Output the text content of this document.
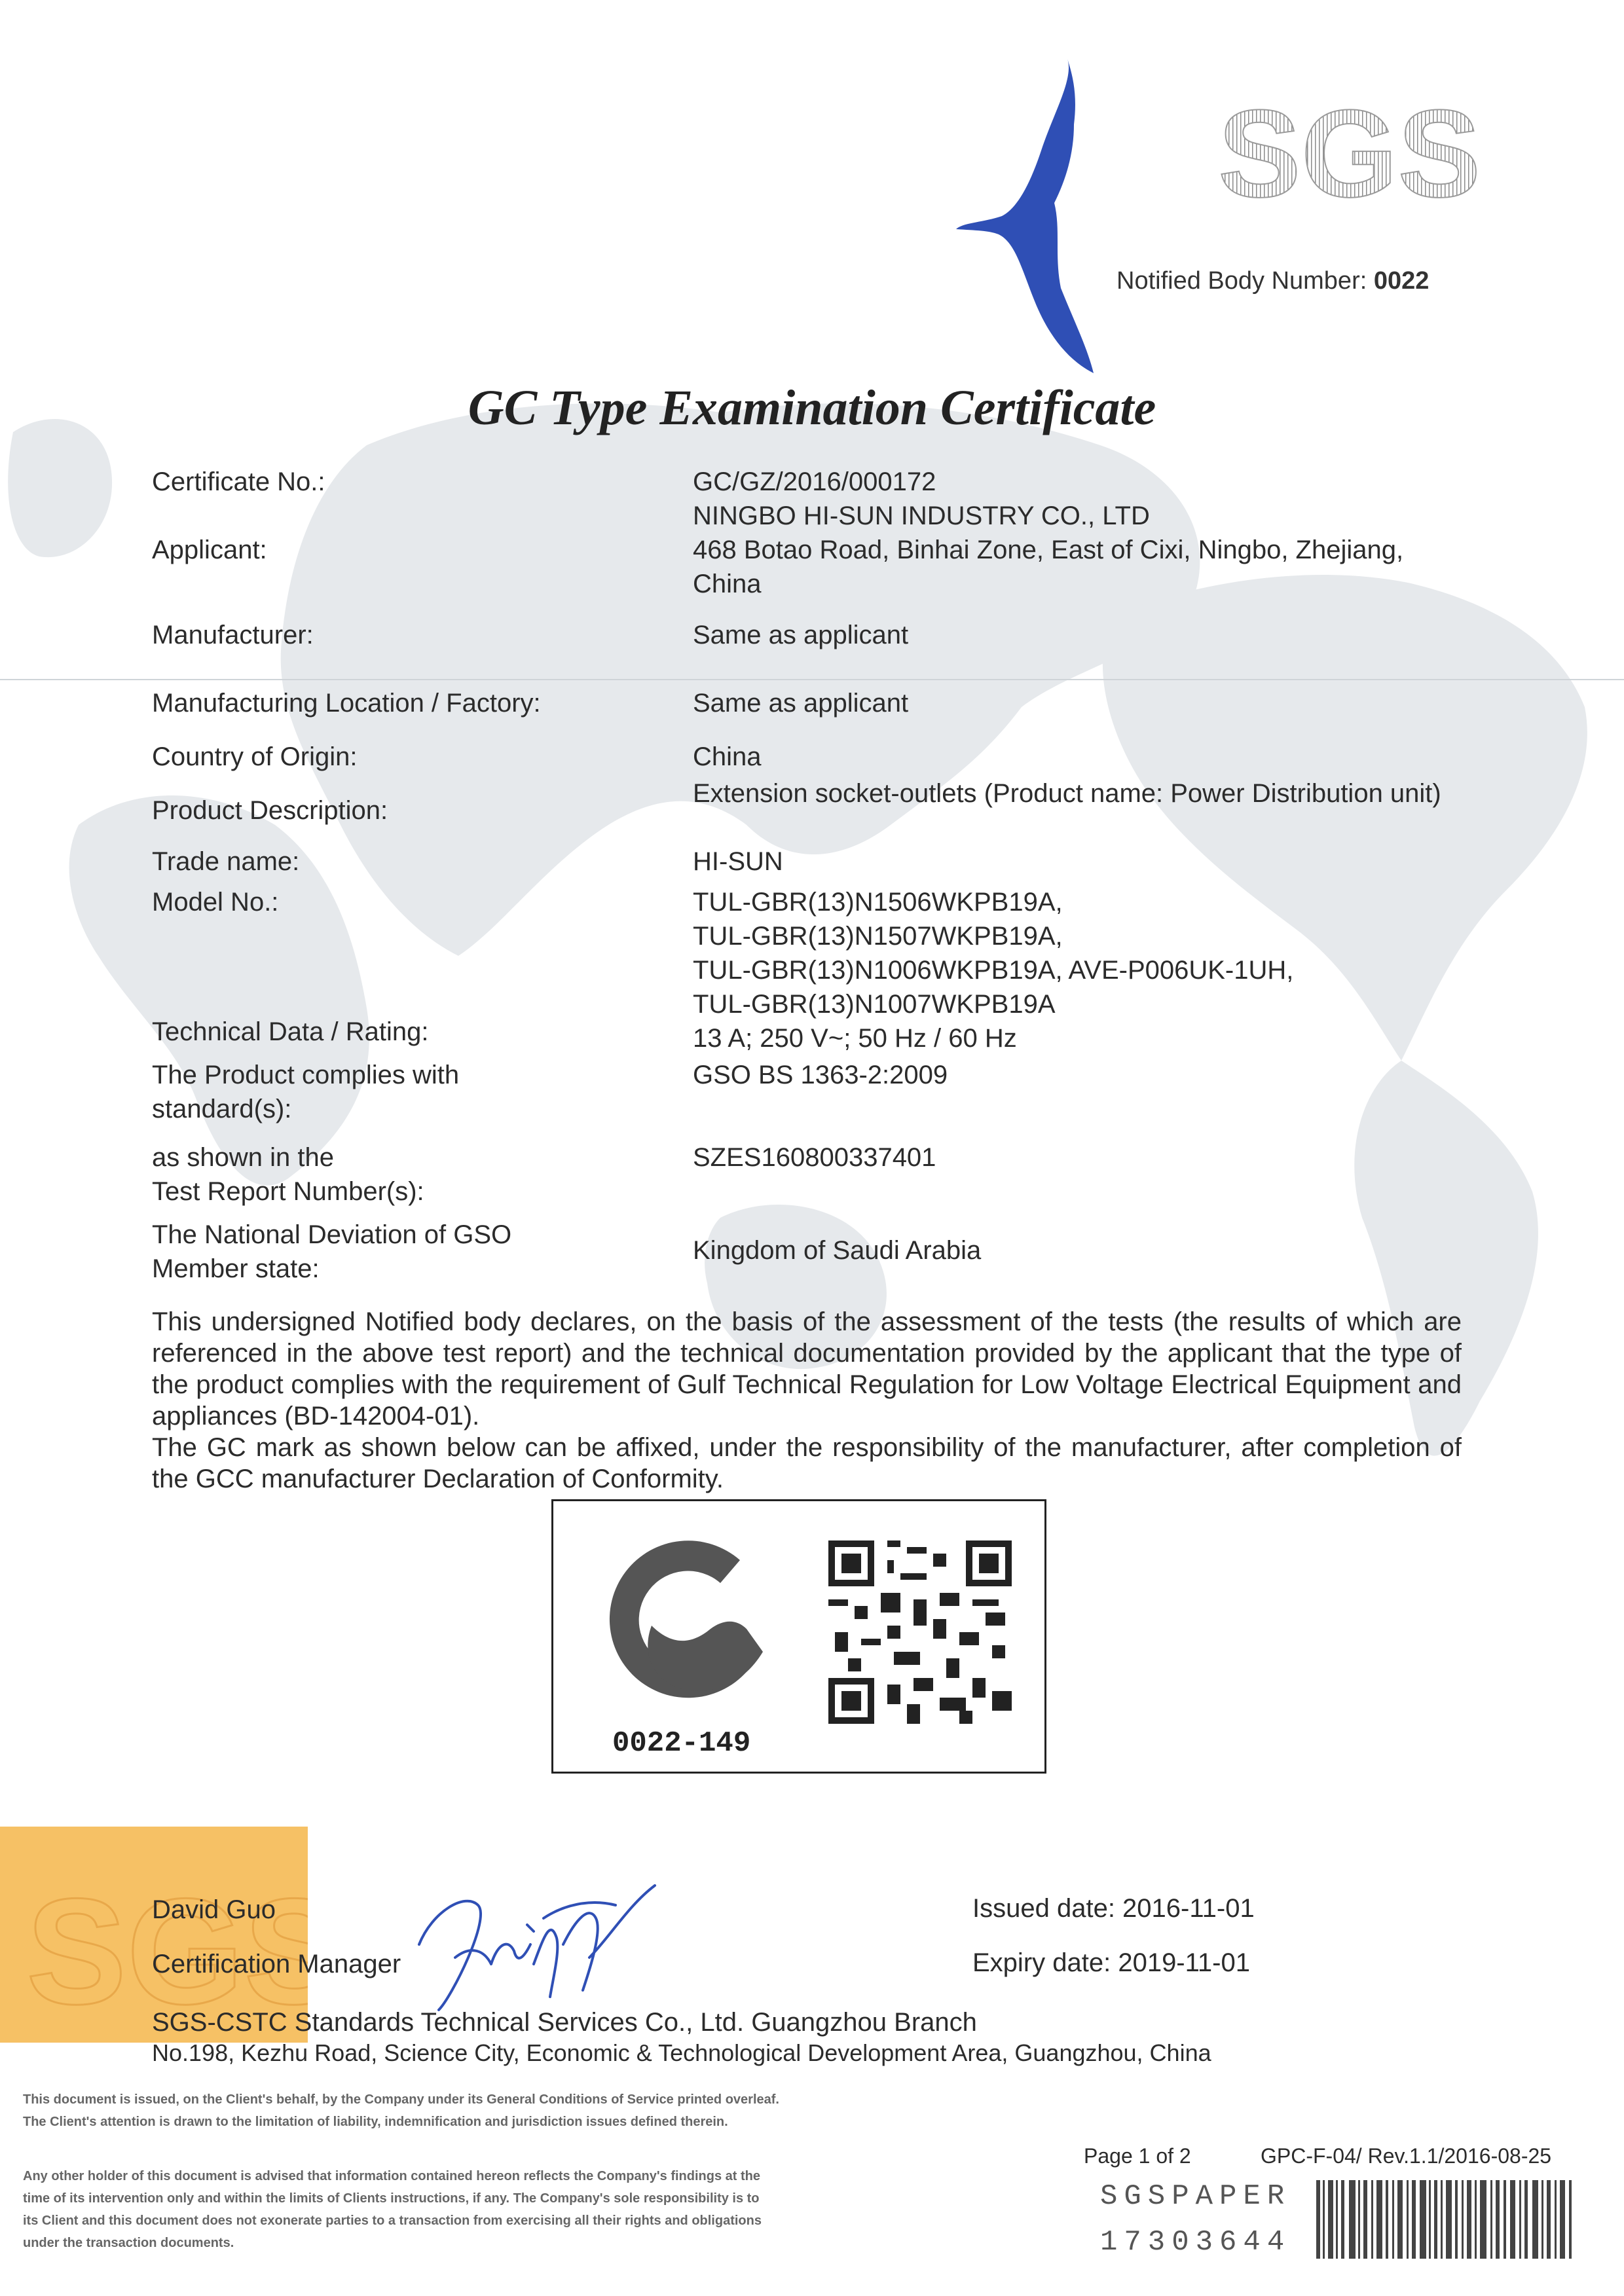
SGS
Notified Body Number: 0022
GC Type Examination Certificate
Certificate No.:	GC/GZ/2016/000172
Applicant:
NINGBO HI-SUN INDUSTRY CO., LTD
468 Botao Road, Binhai Zone, East of Cixi, Ningbo, Zhejiang,
China
Manufacturer:	Same as applicant
Manufacturing Location / Factory:	Same as applicant
Country of Origin:	China
Product Description:
Extension socket-outlets (Product name: Power Distribution unit)
Trade name:	HI-SUN
Model No.:	TUL-GBR(13)N1506WKPB19A,
TUL-GBR(13)N1507WKPB19A,
TUL-GBR(13)N1006WKPB19A, AVE-P006UK-1UH,
TUL-GBR(13)N1007WKPB19A
Technical Data / Rating:	13 A; 250 V~; 50 Hz / 60 Hz
The Product complies with standard(s):
GSO BS 1363-2:2009
as shown in the
Test Report Number(s):
SZES160800337401
The National Deviation of GSO
Member state:
Kingdom of Saudi Arabia

This undersigned Notified body declares, on the basis of the assessment of the tests (the results of which are referenced in the above test report) and the technical documentation provided by the applicant that the type of the product complies with the requirement of Gulf Technical Regulation for Low Voltage Electrical Equipment and appliances (BD-142004-01).

The GC mark as shown below can be affixed, under the responsibility of the manufacturer, after completion of the GCC manufacturer Declaration of Conformity.

0022-149
SGS
David Guo
Certification Manager
Issued date: 2016-11-01
Expiry date: 2019-11-01
SGS-CSTC Standards Technical Services Co., Ltd. Guangzhou Branch
No.198, Kezhu Road, Science City, Economic & Technological Development Area, Guangzhou, China
This document is issued, on the Client's behalf, by the Company under its General Conditions of Service printed overleaf.
The Client's attention is drawn to the limitation of liability, indemnification and jurisdiction issues defined therein.
Any other holder of this document is advised that information contained hereon reflects the Company's findings at the
time of its intervention only and within the limits of Clients instructions, if any. The Company's sole responsibility is to
its Client and this document does not exonerate parties to a transaction from exercising all their rights and obligations
under the transaction documents.
Page 1 of 2	GPC-F-04/ Rev.1.1/2016-08-25
SGSPAPER
17303644
